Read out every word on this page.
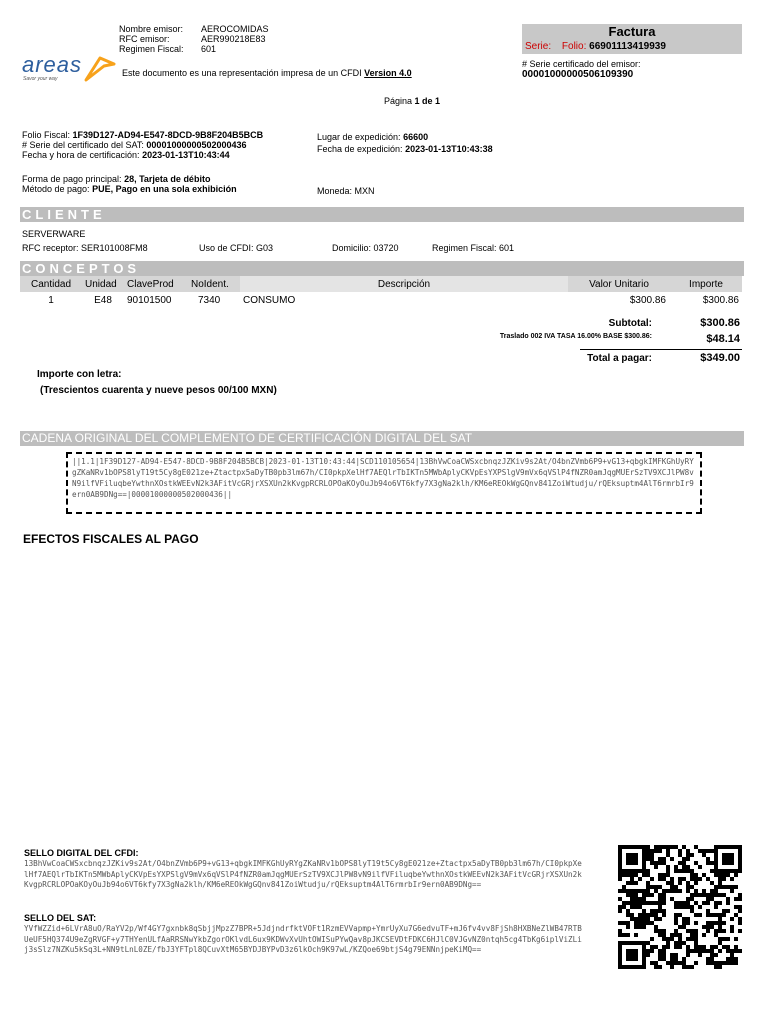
areas
Savor your way
Nombre emisor: AEROCOMIDAS
RFC emisor:	AER990218E83
Regimen Fiscal: 601
Este documento es una representación impresa de un CFDI Version 4.0
Factura
Serie: Folio: 66901113419939
# Serie certificado del emisor:
00001000000506109390
Página 1 de 1
Folio Fiscal: 1F39D127-AD94-E547-8DCD-9B8F204B5BCB
# Serie del certificado del SAT: 00001000000502000436
Fecha y hora de certificación: 2023-01-13T10:43:44
Lugar de expedición: 66600
Fecha de expedición: 2023-01-13T10:43:38
Forma de pago principal: 28, Tarjeta de débito
Método de pago: PUE, Pago en una sola exhibición	Moneda: MXN
CLIENTE
SERVERWARE
RFC receptor: SER101008FM8	Uso de CFDI: G03	Domicilio: 03720	Regimen Fiscal: 601
CONCEPTOS
Cantidad	Unidad	ClaveProd	NoIdent.	Descripción	Valor Unitario	Importe
1	E48	90101500	7340	CONSUMO	$300.86	$300.86
Subtotal:	$300.86
Traslado 002 IVA TASA 16.00% BASE $300.86:	$48.14
Total a pagar:	$349.00
Importe con letra:
(Trescientos cuarenta y nueve pesos 00/100 MXN)
CADENA ORIGINAL DEL COMPLEMENTO DE CERTIFICACIÓN DIGITAL DEL SAT
||1.1|1F39D127-AD94-E547-8DCD-9B8F204B5BCB|2023-01-13T10:43:44|SCD110105654|13BhVwCoaCWSxcbnqzJZKiv9s2At/O4bnZVmb6P9+vG13+qbgkIMFKGhUyRYgZKaNRv1bOPS8lyT19t5Cy8gE021ze+Ztactpx5aDyTB0pb3lm67h/CI0pkpXelHf7AEQlrTbIKTn5MWbAplyCKVpEsYXPSlgV9mVx6qVSlP4fNZR0amJqgMUErSzTV9XCJlPW8vN9ilfVFiluqbeYwthnXOstkWEEvN2k3AFitVcGRjrXSXUn2kKvgpRCRLOPOaKOyOuJb94o6VT6kfy7X3gNa2klh/KM6eREOkWgGQnv841ZoiWtudju/rQEksuptm4AlT6rmrbIr9ern0AB9DNg==|00001000000502000436||
EFECTOS FISCALES AL PAGO
SELLO DIGITAL DEL CFDI:
13BhVwCoaCWSxcbnqzJZKiv9s2At/O4bnZVmb6P9+vG13+qbgkIMFKGhUyRYgZKaNRv1bOPS8lyT19t5Cy8gE021ze+Ztactpx5aDyTB0pb3lm67h/CI0pkpXelHf7AEQlrTbIKTn5MWbAplyCKVpEsYXPSlgV9mVx6qVSlP4fNZR0amJqgMUErSzTV9XCJlPW8vN9ilfVFiluqbeYwthnXOstkWEEvN2k3AFitVcGRjrXSXUn2kKvgpRCRLOPOaKOyOuJb94o6VT6kfy7X3gNa2klh/KM6eREOkWgGQnv841ZoiWtudju/rQEksuptm4AlT6rmrbIr9ern0AB9DNg==
SELLO DEL SAT:
YVfWZZid+6LVrA8uO/RaYV2p/Wf4GY7gxnbk8qSbjjMpzZ7BPR+5JdjndrfktVOFt1RzmEVVapmp+YmrUyXu7G6edvuTF+mJ6fv4vv8FjSh8HXBNeZlWB47RTBUeUF5HQ374U9eZgRVGF+y7THYenULfAaRRSNwYkbZgorOKlvdL6ux9KDWvXvUhtOWISuPYwQav8pJKCSEVDtFDKC6HJlC0VJGvNZ0ntqh5cg4TbKg6iplViZLij3sSlz7NZKu5kSq3L+NN9tLnL0ZE/fbJ3YFTpl8QCuvXtM65BYDJBYPvD3z6lkOch9K97wL/KZQoe69btjS4g79ENNnjpeKiMQ==
